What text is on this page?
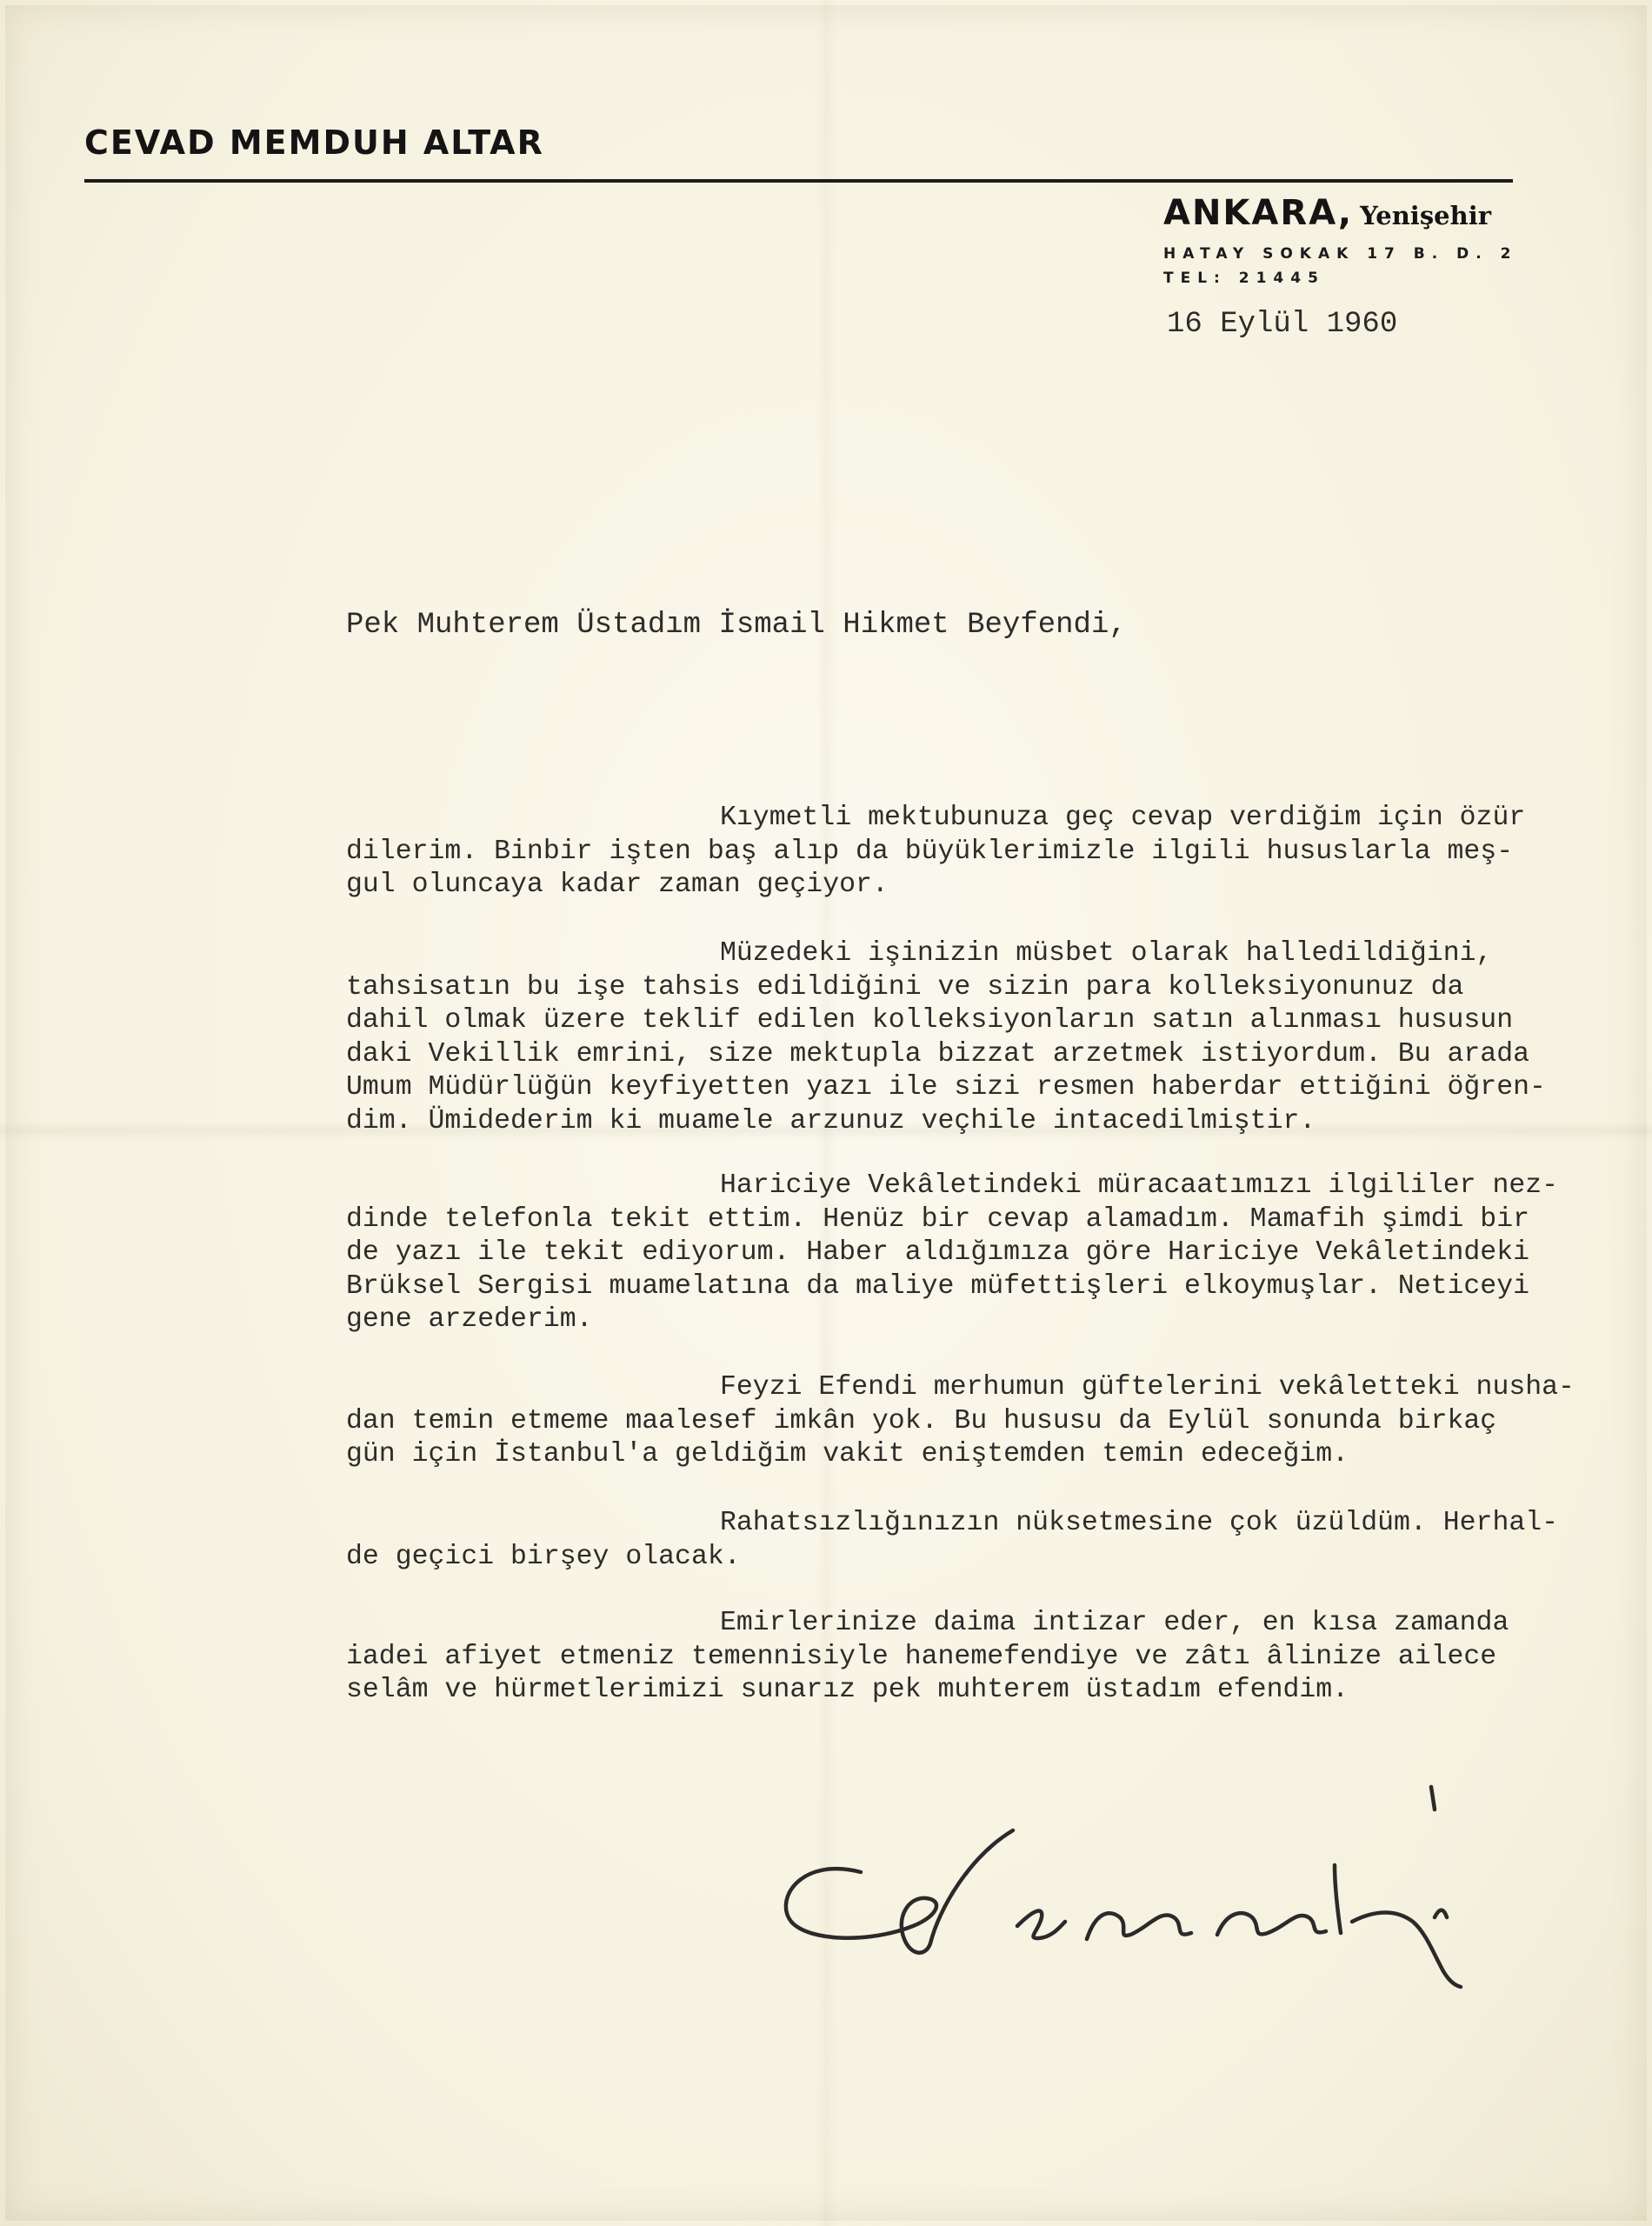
CEVAD MEMDUH ALTAR
ANKARA, Yenişehir
HATAY SOKAK 17 B. D. 2
TEL: 21445
16 Eylül 1960
Pek Muhterem Üstadım İsmail Hikmet Beyfendi,
Kıymetli mektubunuza geç cevap verdiğim için özür
dilerim. Binbir işten baş alıp da büyüklerimizle ilgili hususlarla meş-
gul oluncaya kadar zaman geçiyor.
Müzedeki işinizin müsbet olarak halledildiğini,
tahsisatın bu işe tahsis edildiğini ve sizin para kolleksiyonunuz da
dahil olmak üzere teklif edilen kolleksiyonların satın alınması hususun
daki Vekillik emrini, size mektupla bizzat arzetmek istiyordum. Bu arada
Umum Müdürlüğün keyfiyetten yazı ile sizi resmen haberdar ettiğini öğren-
dim. Ümidederim ki muamele arzunuz veçhile intacedilmiştir.
Hariciye Vekâletindeki müracaatımızı ilgililer nez-
dinde telefonla tekit ettim. Henüz bir cevap alamadım. Mamafih şimdi bir
de yazı ile tekit ediyorum. Haber aldığımıza göre Hariciye Vekâletindeki
Brüksel Sergisi muamelatına da maliye müfettişleri elkoymuşlar. Neticeyi
gene arzederim.
Feyzi Efendi merhumun güftelerini vekâletteki nusha-
dan temin etmeme maalesef imkân yok. Bu hususu da Eylül sonunda birkaç
gün için İstanbul'a geldiğim vakit eniştemden temin edeceğim.
Rahatsızlığınızın nüksetmesine çok üzüldüm. Herhal-
de geçici birşey olacak.
Emirlerinize daima intizar eder, en kısa zamanda
iadei afiyet etmeniz temennisiyle hanemefendiye ve zâtı âlinize ailece
selâm ve hürmetlerimizi sunarız pek muhterem üstadım efendim.
